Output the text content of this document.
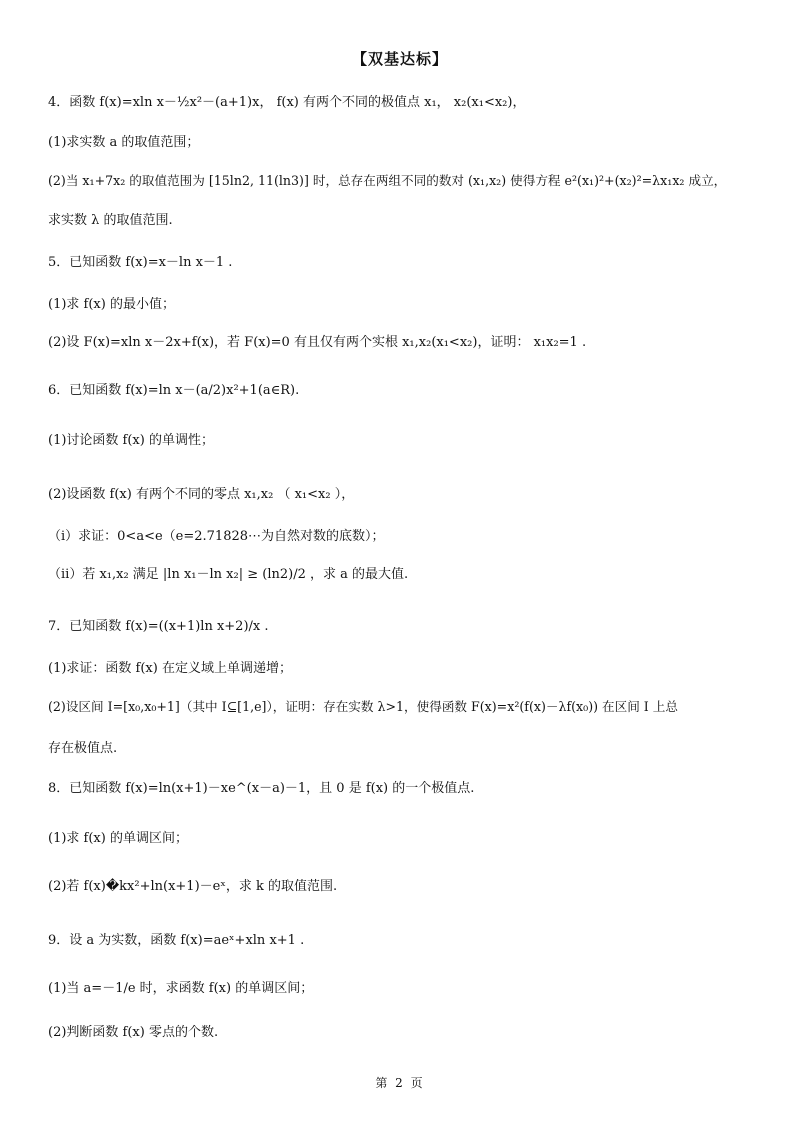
【双基达标】
4．函数 f(x)=xln x－½x²－(a+1)x， f(x) 有两个不同的极值点 x₁， x₂(x₁<x₂)，
(1)求实数 a 的取值范围；
(2)当 x₁+7x₂ 的取值范围为 [15ln2, 11(ln3)] 时，总存在两组不同的数对 (x₁,x₂) 使得方程 e²(x₁)²+(x₂)²=λx₁x₂ 成立，
求实数 λ 的取值范围.
5．已知函数 f(x)=x－ln x－1 .
(1)求 f(x) 的最小值；
(2)设 F(x)=xln x－2x+f(x)，若 F(x)=0 有且仅有两个实根 x₁,x₂(x₁<x₂)，证明： x₁x₂=1 .
6．已知函数 f(x)=ln x－(a/2)x²+1(a∈R).
(1)讨论函数 f(x) 的单调性；
(2)设函数 f(x) 有两个不同的零点 x₁,x₂ （ x₁<x₂ ），
（ⅰ）求证：0<a<e（e=2.71828⋯为自然对数的底数）；
（ⅱ）若 x₁,x₂ 满足 |ln x₁－ln x₂| ≥ (ln2)/2 ，求 a 的最大值.
7．已知函数 f(x)=((x+1)ln x+2)/x .
(1)求证：函数 f(x) 在定义域上单调递增；
(2)设区间 I=[x₀,x₀+1]（其中 I⊆[1,e]），证明：存在实数 λ>1，使得函数 F(x)=x²(f(x)－λf(x₀)) 在区间 I 上总
存在极值点.
8．已知函数 f(x)=ln(x+1)－xe^(x－a)－1，且 0 是 f(x) 的一个极值点.
(1)求 f(x) 的单调区间；
(2)若 f(x)�kx²+ln(x+1)－eˣ，求 k 的取值范围.
9．设 a 为实数，函数 f(x)=aeˣ+xln x+1 .
(1)当 a=－1/e 时，求函数 f(x) 的单调区间；
(2)判断函数 f(x) 零点的个数.
第 2 页
